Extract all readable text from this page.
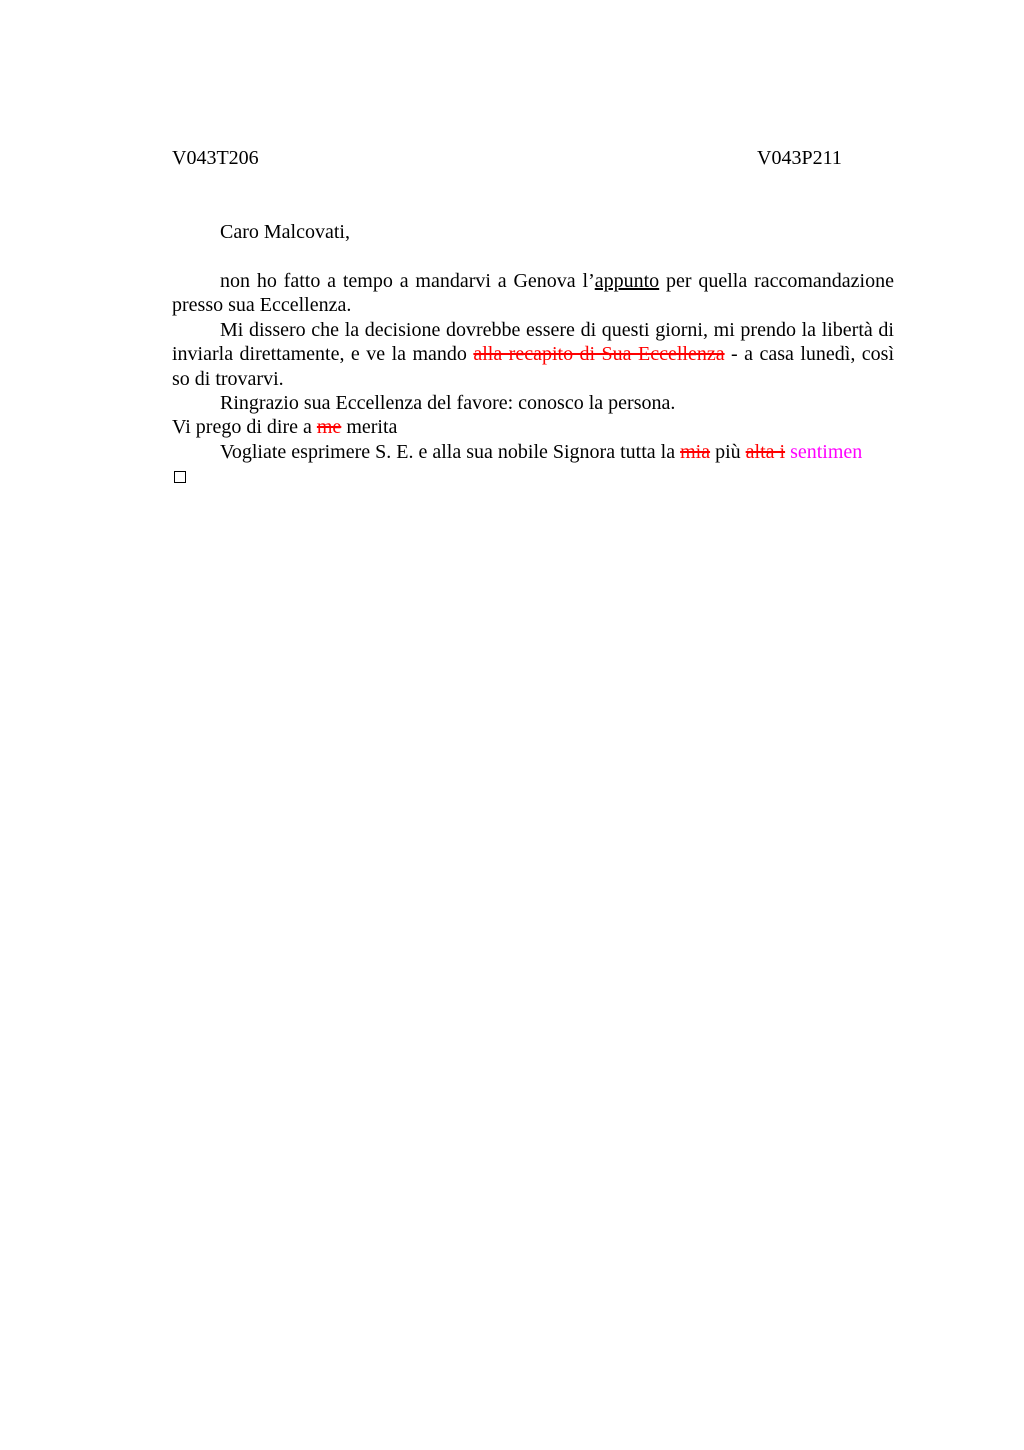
V043T206	V043P211

Caro Malcovati,

non ho fatto a tempo a mandarvi a Genova l’appunto per quella raccomandazione presso sua Eccellenza.

Mi dissero che la decisione dovrebbe essere di questi giorni, mi prendo la libertà di inviarla direttamente, e ve la mando alla recapito di Sua Eccellenza - a casa lunedì, così so di trovarvi.

Ringrazio sua Eccellenza del favore: conosco la persona.

Vi prego di dire a me merita

Vogliate esprimere S. E. e alla sua nobile Signora tutta la mia più alta i sentimen
